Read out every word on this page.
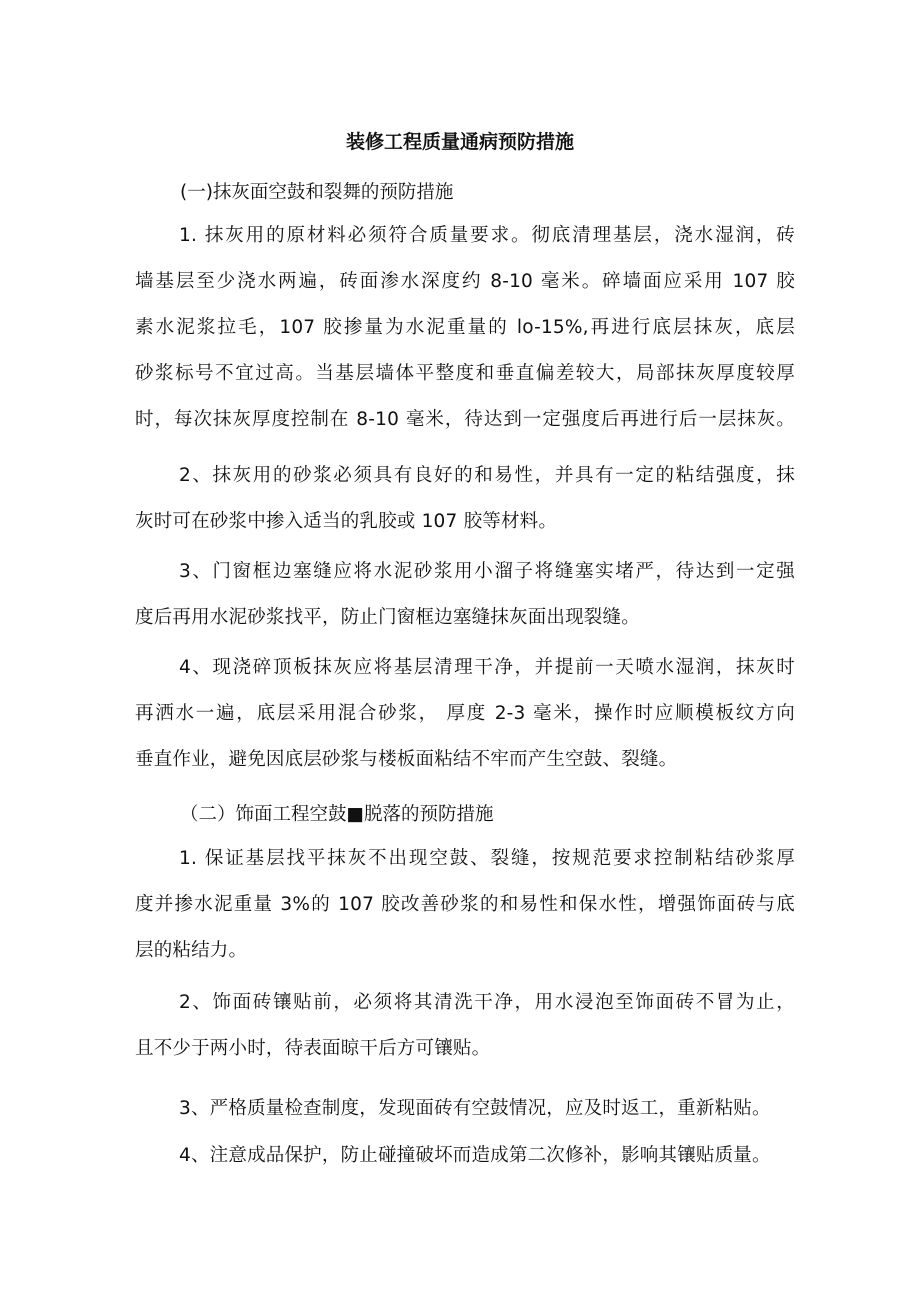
装修工程质量通病预防措施
(一)抹灰面空鼓和裂舞的预防措施
1. 抹灰用的原材料必须符合质量要求。彻底清理基层，浇水湿润，砖
墙基层至少浇水两遍，砖面渗水深度约 8-10 毫米。碎墙面应采用 107 胶
素水泥浆拉毛，107 胶掺量为水泥重量的 lo-15%,再进行底层抹灰，底层
砂浆标号不宜过高。当基层墙体平整度和垂直偏差较大，局部抹灰厚度较厚
时，每次抹灰厚度控制在 8-10 毫米，待达到一定强度后再进行后一层抹灰。
2、抹灰用的砂浆必须具有良好的和易性，并具有一定的粘结强度，抹
灰时可在砂浆中掺入适当的乳胶或 107 胶等材料。
3、门窗框边塞缝应将水泥砂浆用小溜子将缝塞实堵严，待达到一定强
度后再用水泥砂浆找平，防止门窗框边塞缝抹灰面出现裂缝。
4、现浇碎顶板抹灰应将基层清理干净，并提前一天喷水湿润，抹灰时
再洒水一遍，底层采用混合砂浆， 厚度 2-3 毫米，操作时应顺模板纹方向
垂直作业，避免因底层砂浆与楼板面粘结不牢而产生空鼓、裂缝。
（二）饰面工程空鼓■脱落的预防措施
1. 保证基层找平抹灰不出现空鼓、裂缝，按规范要求控制粘结砂浆厚
度并掺水泥重量 3%的 107 胶改善砂浆的和易性和保水性，增强饰面砖与底
层的粘结力。
2、饰面砖镶贴前，必须将其清洗干净，用水浸泡至饰面砖不冒为止，
且不少于两小时，待表面晾干后方可镶贴。
3、严格质量检查制度，发现面砖有空鼓情况，应及时返工，重新粘贴。
4、注意成品保护，防止碰撞破坏而造成第二次修补，影响其镶贴质量。
